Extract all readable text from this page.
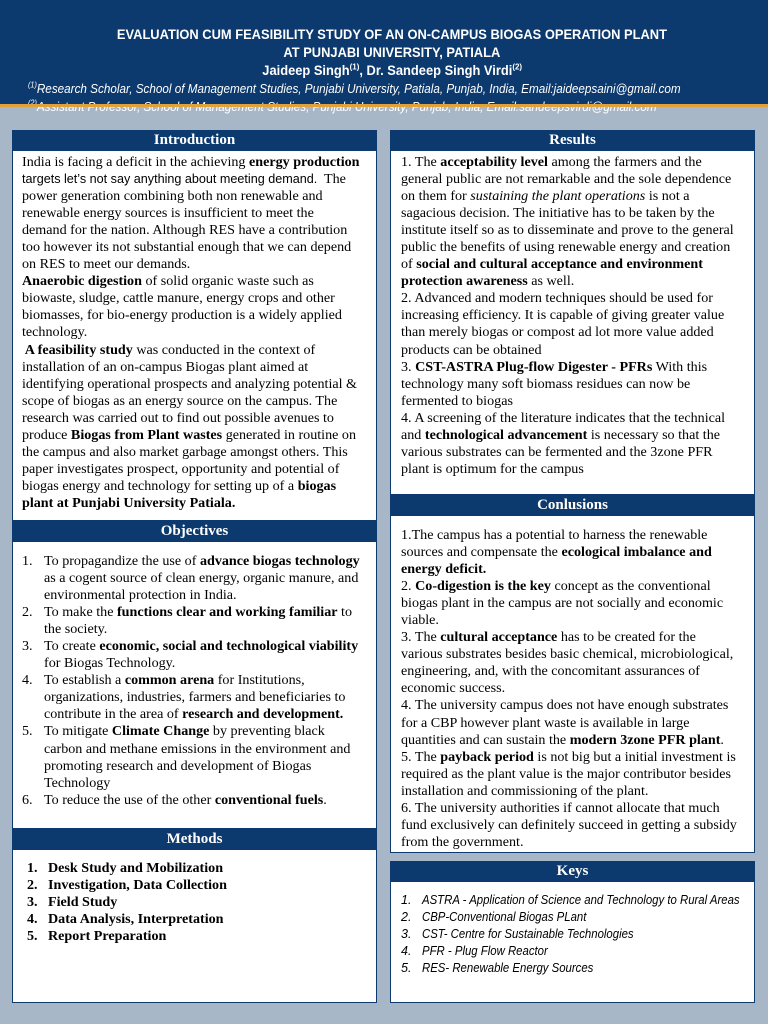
EVALUATION CUM FEASIBILITY STUDY OF AN ON-CAMPUS BIOGAS OPERATION PLANT

AT PUNJABI UNIVERSITY, PATIALA

Jaideep Singh$^{(1)}$, Dr. Sandeep Singh Virdi$^{(2)}$

$^{(1)}$Research Scholar, School of Management Studies, Punjabi University, Patiala, Punjab, India, Email:jaideepsaini@gmail.com

Introduction
India is facing a deficit in the achieving energy production
targets let’s not say anything about meeting demand.  The
power generation combining both non renewable and
renewable energy sources is insufficient to meet the
demand for the nation. Although RES have a contribution
too however its not substantial enough that we can depend
on RES to meet our demands.
Anaerobic digestion of solid organic waste such as
biowaste, sludge, cattle manure, energy crops and other
biomasses, for bio-energy production is a widely applied
technology.
A feasibility study was conducted in the context of
installation of an on-campus Biogas plant aimed at
identifying operational prospects and analyzing potential &
scope of biogas as an energy source on the campus. The
research was carried out to find out possible avenues to
produce Biogas from Plant wastes generated in routine on
the campus and also market garbage amongst others. This
paper investigates prospect, opportunity and potential of
biogas energy and technology for setting up of a biogas
plant at Punjabi University Patiala.
Objectives
1. To propagandize the use of advance biogas technology
as a cogent source of clean energy, organic manure, and
environmental protection in India.
2. To make the functions clear and working familiar to
the society.
3. To create economic, social and technological viability
for Biogas Technology.
4. To establish a common arena for Institutions,
organizations, industries, farmers and beneficiaries to
contribute in the area of research and development.
5. To mitigate Climate Change by preventing black
carbon and methane emissions in the environment and
promoting research and development of Biogas
Technology
6. To reduce the use of the other conventional fuels.
Methods
1. Desk Study and Mobilization
2. Investigation, Data Collection
3. Field Study
4. Data Analysis, Interpretation
5. Report Preparation
Results
1. The acceptability level among the farmers and the
general public are not remarkable and the sole dependence
on them for sustaining the plant operations is not a
sagacious decision. The initiative has to be taken by the
institute itself so as to disseminate and prove to the general
public the benefits of using renewable energy and creation
of social and cultural acceptance and environment
protection awareness as well.
2. Advanced and modern techniques should be used for
increasing efficiency. It is capable of giving greater value
than merely biogas or compost ad lot more value added
products can be obtained
3. CST-ASTRA Plug-flow Digester - PFRs With this
technology many soft biomass residues can now be
fermented to biogas
4. A screening of the literature indicates that the technical
and technological advancement is necessary so that the
various substrates can be fermented and the 3zone PFR
plant is optimum for the campus
Conlusions
1.The campus has a potential to harness the renewable
sources and compensate the ecological imbalance and
energy deficit.
2. Co-digestion is the key concept as the conventional
biogas plant in the campus are not socially and economic
viable.
3. The cultural acceptance has to be created for the
various substrates besides basic chemical, microbiological,
engineering, and, with the concomitant assurances of
economic success.
4. The university campus does not have enough substrates
for a CBP however plant waste is available in large
quantities and can sustain the modern 3zone PFR plant.
5. The payback period is not big but a initial investment is
required as the plant value is the major contributor besides
installation and commissioning of the plant.
6. The university authorities if cannot allocate that much
fund exclusively can definitely succeed in getting a subsidy
from the government.
Keys
1. ASTRA - Application of Science and Technology to Rural Areas
2. CBP-Conventional Biogas PLant
3. CST- Centre for Sustainable Technologies
4. PFR - Plug Flow Reactor
5. RES- Renewable Energy Sources
